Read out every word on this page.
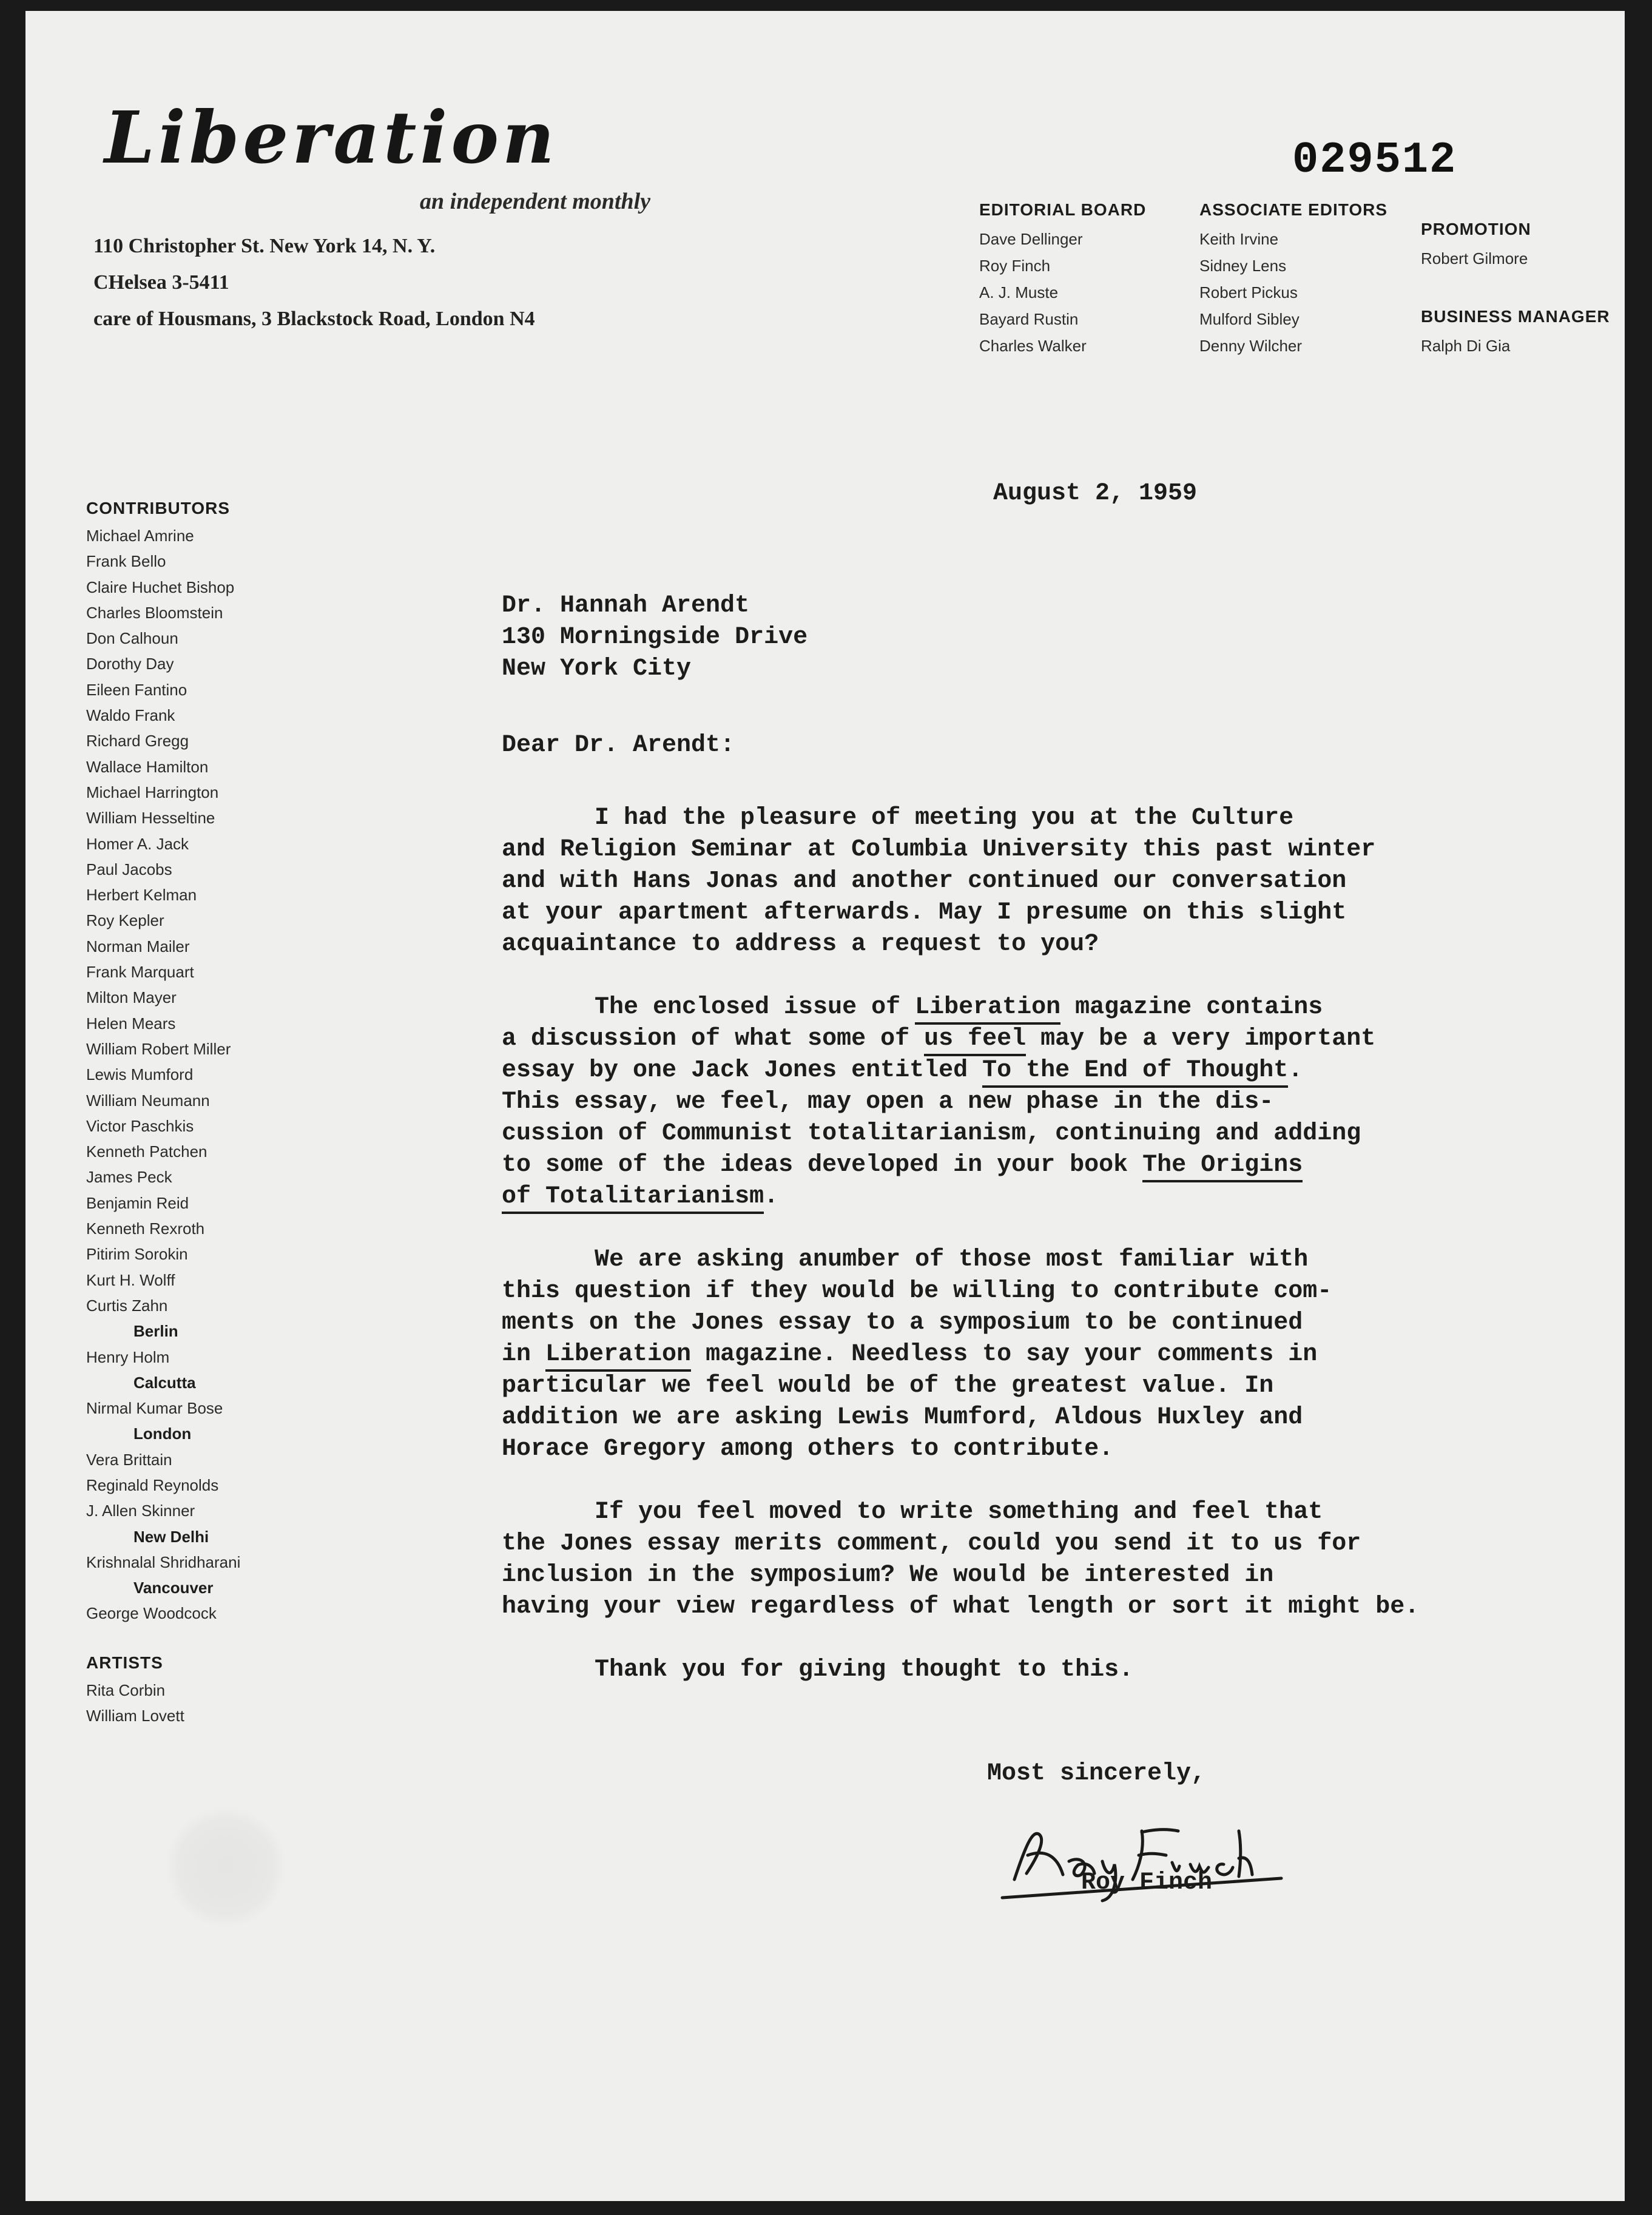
Liberation
an independent monthly
110 Christopher St. New York 14, N. Y.
CHelsea 3-5411
care of Housmans, 3 Blackstock Road, London N4
029512
EDITORIAL BOARD
Dave Dellinger
Roy Finch
A. J. Muste
Bayard Rustin
Charles Walker
ASSOCIATE EDITORS
Keith Irvine
Sidney Lens
Robert Pickus
Mulford Sibley
Denny Wilcher
PROMOTION
Robert Gilmore
BUSINESS MANAGER
Ralph Di Gia
CONTRIBUTORS
Michael Amrine
Frank Bello
Claire Huchet Bishop
Charles Bloomstein
Don Calhoun
Dorothy Day
Eileen Fantino
Waldo Frank
Richard Gregg
Wallace Hamilton
Michael Harrington
William Hesseltine
Homer A. Jack
Paul Jacobs
Herbert Kelman
Roy Kepler
Norman Mailer
Frank Marquart
Milton Mayer
Helen Mears
William Robert Miller
Lewis Mumford
William Neumann
Victor Paschkis
Kenneth Patchen
James Peck
Benjamin Reid
Kenneth Rexroth
Pitirim Sorokin
Kurt H. Wolff
Curtis Zahn
Berlin
Henry Holm
Calcutta
Nirmal Kumar Bose
London
Vera Brittain
Reginald Reynolds
J. Allen Skinner
New Delhi
Krishnalal Shridharani
Vancouver
George Woodcock
ARTISTS
Rita Corbin
William Lovett
August 2, 1959
Dr. Hannah Arendt
130 Morningside Drive
New York City
Dear Dr. Arendt:
I had the pleasure of meeting you at the Culture
and Religion Seminar at Columbia University this past winter
and with Hans Jonas and another continued our conversation
at your apartment afterwards. May I presume on this slight
acquaintance to address a request to you?
The enclosed issue of Liberation magazine contains
a discussion of what some of us feel may be a very important
essay by one Jack Jones entitled To the End of Thought.
This essay, we feel, may open a new phase in the dis-
cussion of Communist totalitarianism, continuing and adding
to some of the ideas developed in your book The Origins
of Totalitarianism.
We are asking anumber of those most familiar with
this question if they would be willing to contribute com-
ments on the Jones essay to a symposium to be continued
in Liberation magazine. Needless to say your comments in
particular we feel would be of the greatest value. In
addition we are asking Lewis Mumford, Aldous Huxley and
Horace Gregory among others to contribute.
If you feel moved to write something and feel that
the Jones essay merits comment, could you send it to us for
inclusion in the symposium? We would be interested in
having your view regardless of what length or sort it might be.
Thank you for giving thought to this.
Most sincerely,
Roy Finch
